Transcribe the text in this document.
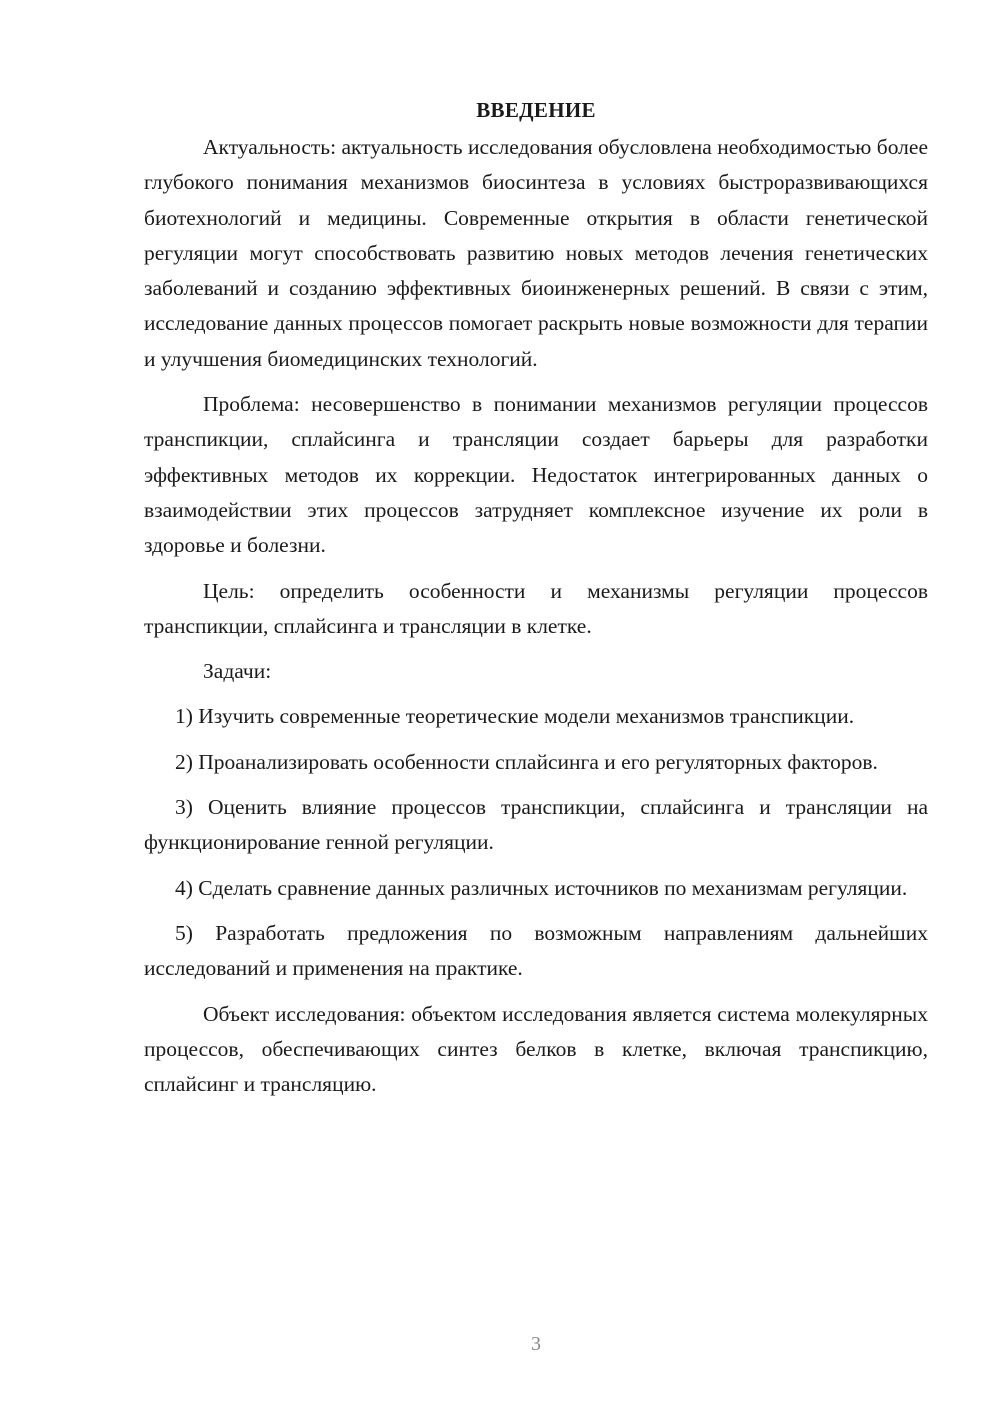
ВВЕДЕНИЕ

Актуальность: актуальность исследования обусловлена необходимостью более глубокого понимания механизмов биосинтеза в условиях быстроразвивающихся биотехнологий и медицины. Современные открытия в области генетической регуляции могут способствовать развитию новых методов лечения генетических заболеваний и созданию эффективных биоинженерных решений. В связи с этим, исследование данных процессов помогает раскрыть новые возможности для терапии и улучшения биомедицинских технологий.

Проблема: несовершенство в понимании механизмов регуляции процессов транспикции, сплайсинга и трансляции создает барьеры для разработки эффективных методов их коррекции. Недостаток интегрированных данных о взаимодействии этих процессов затрудняет комплексное изучение их роли в здоровье и болезни.

Цель: определить особенности и механизмы регуляции процессов транспикции, сплайсинга и трансляции в клетке.

Задачи:

1) Изучить современные теоретические модели механизмов транспикции.

2) Проанализировать особенности сплайсинга и его регуляторных факторов.

3) Оценить влияние процессов транспикции, сплайсинга и трансляции на функционирование генной регуляции.

4) Сделать сравнение данных различных источников по механизмам регуляции.

5) Разработать предложения по возможным направлениям дальнейших исследований и применения на практике.

Объект исследования: объектом исследования является система молекулярных процессов, обеспечивающих синтез белков в клетке, включая транспикцию, сплайсинг и трансляцию.

3
